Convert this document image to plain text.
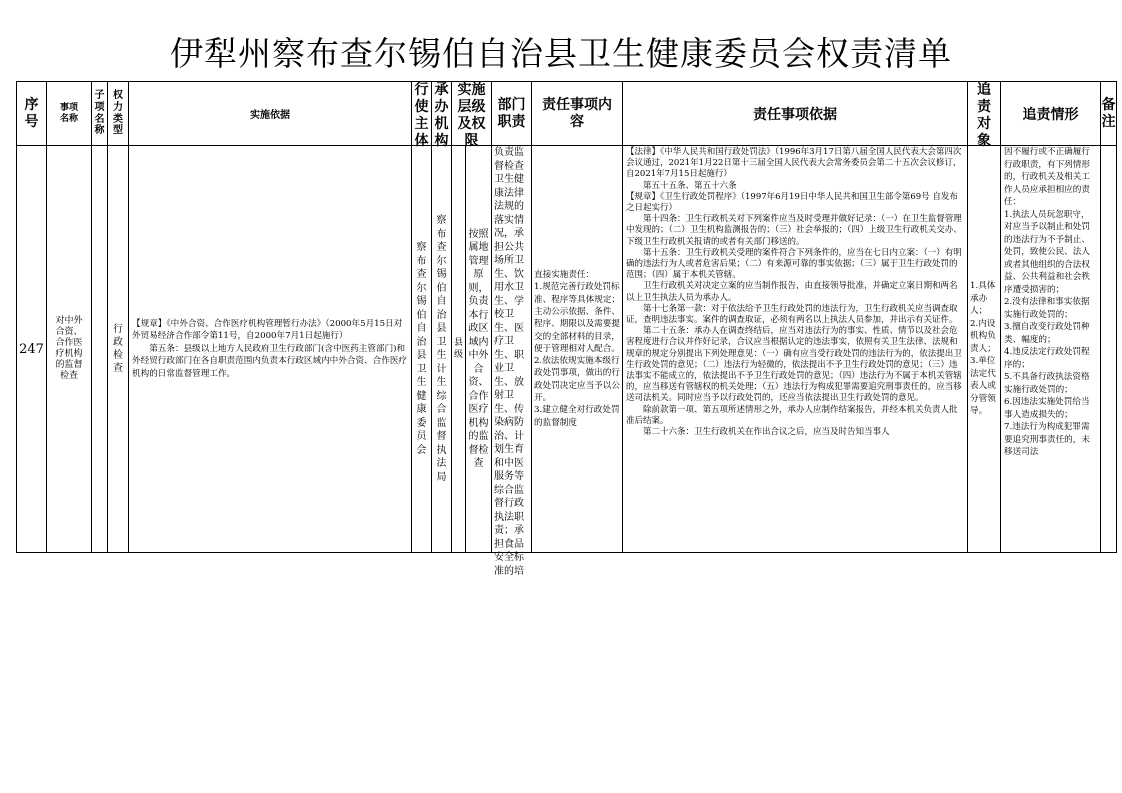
伊犁州察布查尔锡伯自治县卫生健康委员会权责清单
序号
事项名称
子项名称
权力类型
实施依据
行使主体
承办机构
实施层级及权限
部门职责
责任事项内容	责任事项依据
追责对象
追责情形
备注
247
对中外合资、合作医疗机构的监督检查
行政检查
【规章】《中外合资、合作医疗机构管理暂行办法》（2000年5月15日对外贸易经济合作部令第11号，自2000年7月1日起施行）
　　第五条：县级以上地方人民政府卫生行政部门(含中医药主管部门)和外经贸行政部门在各自职责范围内负责本行政区域内中外合资、合作医疗机构的日常监督管理工作。
察布查尔锡伯自治县卫生健康委员会
察布查尔锡伯自治县卫生计生综合监督执法局
县级
按照属地管理原则，负责本行政区域内中外合资、合作医疗机构的监督检查
负责监督检查卫生健康法律法规的落实情况，承担公共场所卫生、饮用水卫生、学校卫生、医疗卫生、职业卫生、放射卫生、传染病防治、计划生育和中医服务等综合监督行政执法职责；承担食品安全标准的培
直接实施责任：
1.规范完善行政处罚标准、程序等具体规定；主动公示依据、条件、程序、期限以及需要提交的全部材料的目录，便于管理相对人配合。
2.依法依规实施本级行政处罚事项，做出的行政处罚决定应当予以公开。
3.建立健全对行政处罚的监督制度

【法律】《中华人民共和国行政处罚法》（1996年3月17日第八届全国人民代表大会第四次会议通过，2021年1月22日第十三届全国人民代表大会常务委员会第二十五次会议修订，自2021年7月15日起施行）

　　第五十五条、第五十六条

【规章】《卫生行政处罚程序》（1997年6月19日中华人民共和国卫生部令第69号 自发布之日起实行）

　　第十四条：卫生行政机关对下列案件应当及时受理并做好记录：（一）在卫生监督管理中发现的；（二）卫生机构监测报告的；（三）社会举报的；（四）上级卫生行政机关交办、下级卫生行政机关报请的或者有关部门移送的。

　　第十五条：卫生行政机关受理的案件符合下列条件的，应当在七日内立案：（一）有明确的违法行为人或者危害后果；（二）有来源可靠的事实依据；（三）属于卫生行政处罚的范围；（四）属于本机关管辖。

　　卫生行政机关对决定立案的应当制作报告，由直接领导批准，并确定立案日期和两名以上卫生执法人员为承办人。

　　第十七条第一款：对于依法给予卫生行政处罚的违法行为，卫生行政机关应当调查取证，查明违法事实。案件的调查取证，必须有两名以上执法人员参加，并出示有关证件。

　　第二十五条：承办人在调查终结后，应当对违法行为的事实、性质、情节以及社会危害程度进行合议并作好记录，合议应当根据认定的违法事实，依照有关卫生法律、法规和规章的规定分别提出下列处理意见：（一）确有应当受行政处罚的违法行为的，依法提出卫生行政处罚的意见；（二）违法行为轻微的，依法提出不予卫生行政处罚的意见；（三）违法事实不能成立的，依法提出不予卫生行政处罚的意见；（四）违法行为不属于本机关管辖的，应当移送有管辖权的机关处理；（五）违法行为构成犯罪需要追究刑事责任的，应当移送司法机关。同时应当予以行政处罚的，还应当依法提出卫生行政处罚的意见。

　　除前款第一项、第五项所述情形之外，承办人应制作结案报告，并经本机关负责人批准后结案。

　　第二十六条：卫生行政机关在作出合议之后，应当及时告知当事人

1.具体承办人；
2.内设机构负责人；
3.单位法定代表人或分管领导。
因不履行或不正确履行行政职责，有下列情形的，行政机关及相关工作人员应承担相应的责任：
1.执法人员玩忽职守，对应当予以制止和处罚的违法行为不予制止、处罚，致使公民、法人或者其他组织的合法权益、公共利益和社会秩序遭受损害的；
2.没有法律和事实依据实施行政处罚的；
3.擅自改变行政处罚种类、幅度的；
4.违反法定行政处罚程序的；
5.不具备行政执法资格实施行政处罚的；
6.因违法实施处罚给当事人造成损失的；
7.违法行为构成犯罪需要追究刑事责任的，未移送司法
